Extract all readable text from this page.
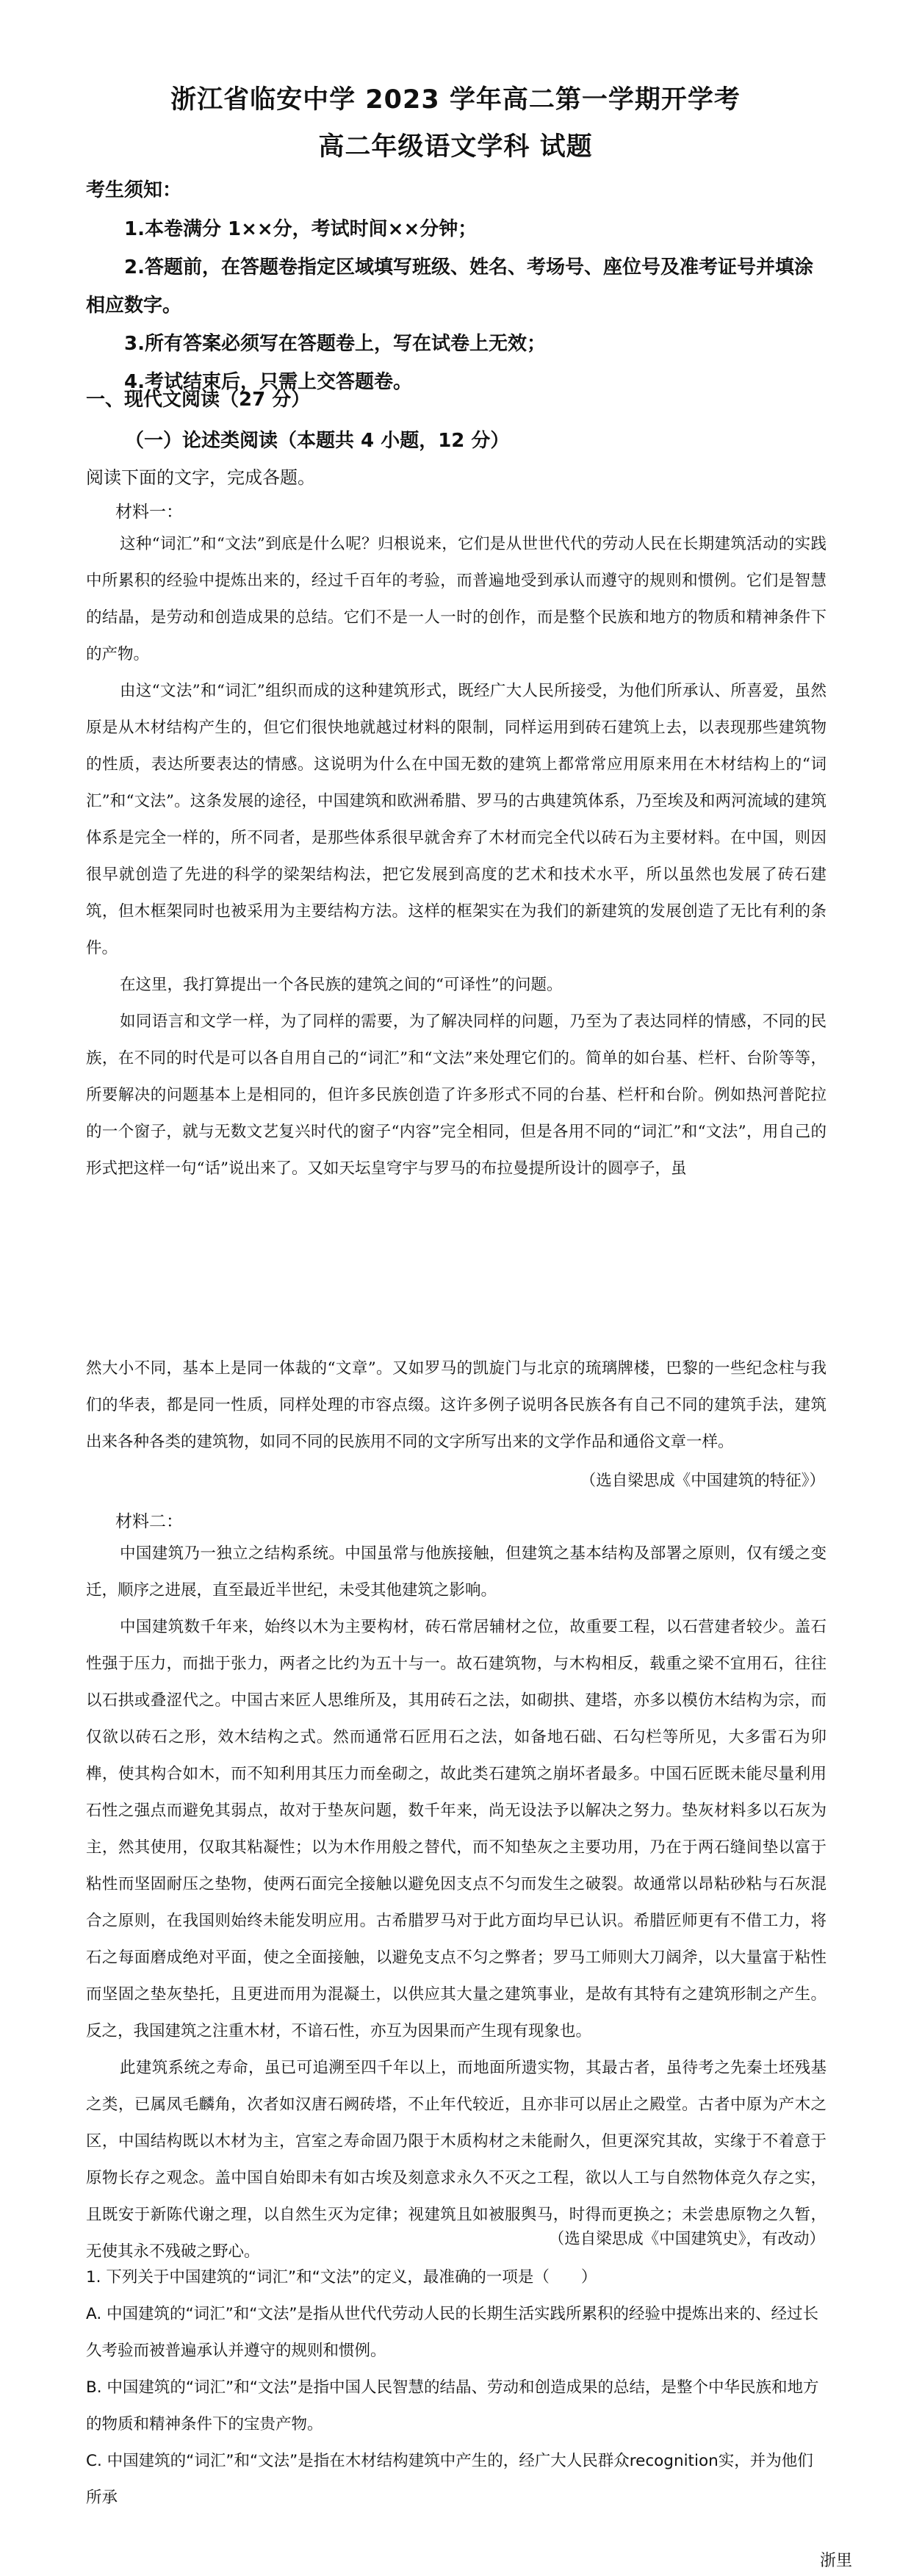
浙江省临安中学 2023 学年高二第一学期开学考
高二年级语文学科 试题
考生须知：

1.本卷满分 1××分，考试时间××分钟；

2.答题前，在答题卷指定区域填写班级、姓名、考场号、座位号及准考证号并填涂相应数字。

3.所有答案必须写在答题卷上，写在试卷上无效；

4.考试结束后，只需上交答题卷。

一、现代文阅读（27 分）
（一）论述类阅读（本题共 4 小题，12 分）
阅读下面的文字，完成各题。
材料一：

这种“词汇”和“文法”到底是什么呢？归根说来，它们是从世世代代的劳动人民在长期建筑活动的实践中所累积的经验中提炼出来的，经过千百年的考验，而普遍地受到承认而遵守的规则和惯例。它们是智慧的结晶，是劳动和创造成果的总结。它们不是一人一时的创作，而是整个民族和地方的物质和精神条件下的产物。

由这“文法”和“词汇”组织而成的这种建筑形式，既经广大人民所接受，为他们所承认、所喜爱，虽然原是从木材结构产生的，但它们很快地就越过材料的限制，同样运用到砖石建筑上去，以表现那些建筑物的性质，表达所要表达的情感。这说明为什么在中国无数的建筑上都常常应用原来用在木材结构上的“词汇”和“文法”。这条发展的途径，中国建筑和欧洲希腊、罗马的古典建筑体系，乃至埃及和两河流域的建筑体系是完全一样的，所不同者，是那些体系很早就舍弃了木材而完全代以砖石为主要材料。在中国，则因很早就创造了先进的科学的梁架结构法，把它发展到高度的艺术和技术水平，所以虽然也发展了砖石建筑，但木框架同时也被采用为主要结构方法。这样的框架实在为我们的新建筑的发展创造了无比有利的条件。

在这里，我打算提出一个各民族的建筑之间的“可译性”的问题。

如同语言和文学一样，为了同样的需要，为了解决同样的问题，乃至为了表达同样的情感，不同的民族，在不同的时代是可以各自用自己的“词汇”和“文法”来处理它们的。简单的如台基、栏杆、台阶等等，所要解决的问题基本上是相同的，但许多民族创造了许多形式不同的台基、栏杆和台阶。例如热河普陀拉的一个窗子，就与无数文艺复兴时代的窗子“内容”完全相同，但是各用不同的“词汇”和“文法”，用自己的形式把这样一句“话”说出来了。又如天坛皇穹宇与罗马的布拉曼提所设计的圆亭子，虽

然大小不同，基本上是同一体裁的“文章”。又如罗马的凯旋门与北京的琉璃牌楼，巴黎的一些纪念柱与我们的华表，都是同一性质，同样处理的市容点缀。这许多例子说明各民族各有自己不同的建筑手法，建筑出来各种各类的建筑物，如同不同的民族用不同的文字所写出来的文学作品和通俗文章一样。

（选自梁思成《中国建筑的特征》）
材料二：

中国建筑乃一独立之结构系统。中国虽常与他族接触，但建筑之基本结构及部署之原则，仅有缓之变迁，顺序之进展，直至最近半世纪，未受其他建筑之影响。

中国建筑数千年来，始终以木为主要构材，砖石常居辅材之位，故重要工程，以石营建者较少。盖石性强于压力，而拙于张力，两者之比约为五十与一。故石建筑物，与木构相反，载重之梁不宜用石，往往以石拱或叠涩代之。中国古来匠人思维所及，其用砖石之法，如砌拱、建塔，亦多以模仿木结构为宗，而仅欲以砖石之形，效木结构之式。然而通常石匠用石之法，如备地石础、石勾栏等所见，大多雷石为卯榫，使其构合如木，而不知利用其压力而垒砌之，故此类石建筑之崩坏者最多。中国石匠既未能尽量利用石性之强点而避免其弱点，故对于垫灰问题，数千年来，尚无设法予以解决之努力。垫灰材料多以石灰为主，然其使用，仅取其粘凝性；以为木作用般之替代，而不知垫灰之主要功用，乃在于两石缝间垫以富于粘性而坚固耐压之垫物，使两石面完全接触以避免因支点不匀而发生之破裂。故通常以昂粘砂粘与石灰混合之原则，在我国则始终未能发明应用。古希腊罗马对于此方面均早已认识。希腊匠师更有不借工力，将石之每面磨成绝对平面，使之全面接触，以避免支点不匀之弊者；罗马工师则大刀阔斧，以大量富于粘性而坚固之垫灰垫托，且更进而用为混凝土，以供应其大量之建筑事业，是故有其特有之建筑形制之产生。反之，我国建筑之注重木材，不谙石性，亦互为因果而产生现有现象也。

此建筑系统之寿命，虽已可追溯至四千年以上，而地面所遗实物，其最古者，虽待考之先秦土坯残基之类，已属凤毛麟角，次者如汉唐石阙砖塔，不止年代较近，且亦非可以居止之殿堂。古者中原为产木之区，中国结构既以木材为主，宫室之寿命固乃限于木质构材之未能耐久，但更深究其故，实缘于不着意于原物长存之观念。盖中国自始即未有如古埃及刻意求永久不灭之工程，欲以人工与自然物体竞久存之实，且既安于新陈代谢之理，以自然生灭为定律；视建筑且如被服舆马，时得而更换之；未尝患原物之久暂，无使其永不残破之野心。

（选自梁思成《中国建筑史》，有改动）

1. 下列关于中国建筑的“词汇”和“文法”的定义，最准确的一项是（　　）

A. 中国建筑的“词汇”和“文法”是指从世代代劳动人民的长期生活实践所累积的经验中提炼出来的、经过长久考验而被普遍承认并遵守的规则和惯例。

B. 中国建筑的“词汇”和“文法”是指中国人民智慧的结晶、劳动和创造成果的总结，是整个中华民族和地方的物质和精神条件下的宝贵产物。

C. 中国建筑的“词汇”和“文法”是指在木材结构建筑中产生的，经广大人民群众recognition实，并为他们所承

浙里
